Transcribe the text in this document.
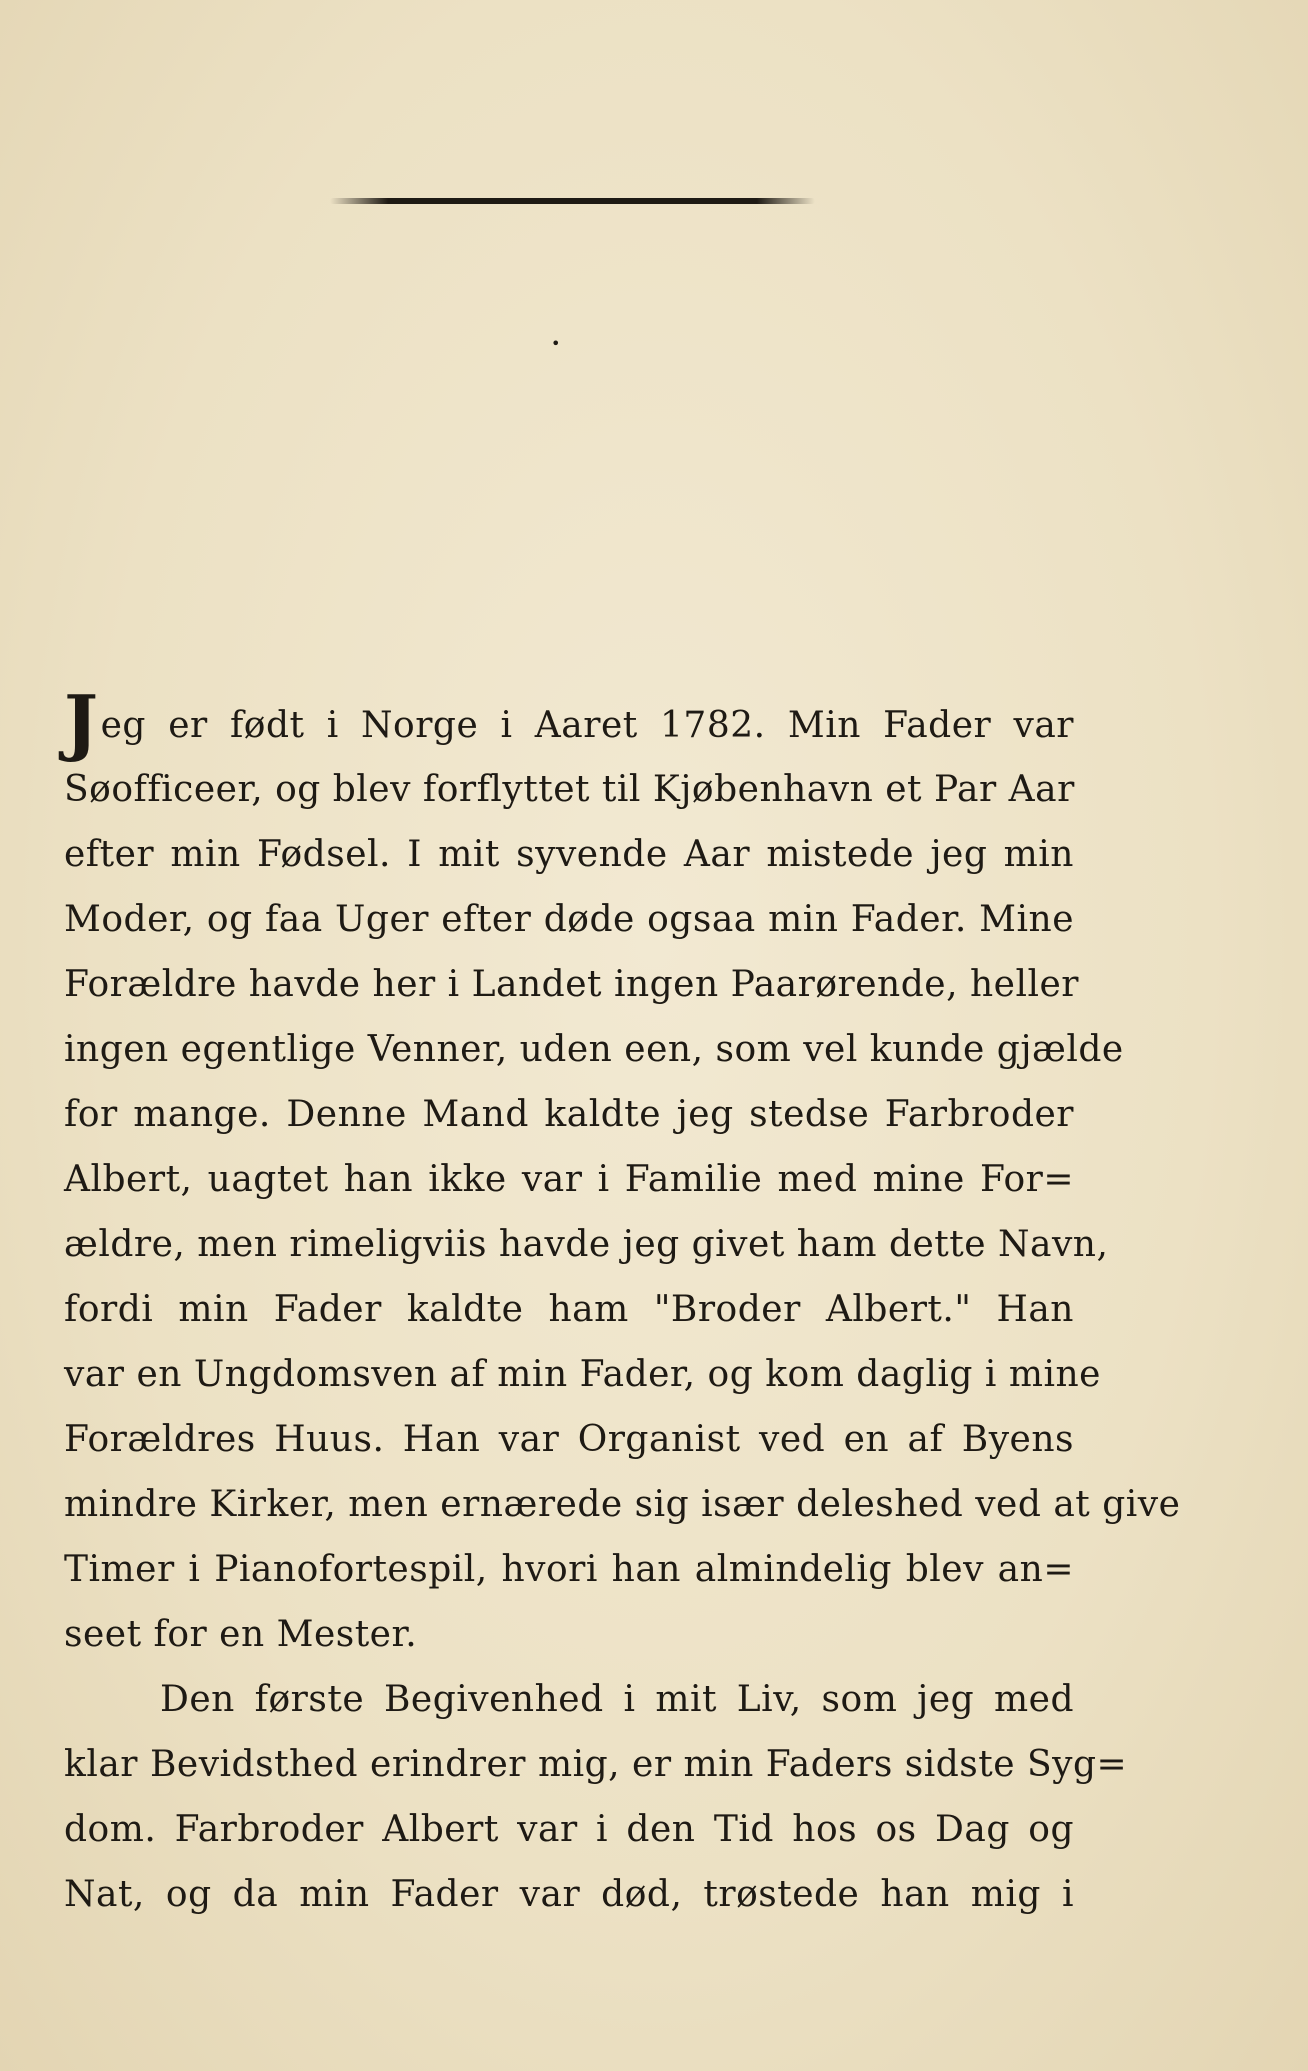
•
Jeg er født i Norge i Aaret 1782. Min Fader var
Søofficeer, og blev forflyttet til Kjøbenhavn et Par Aar
efter min Fødsel. I mit syvende Aar mistede jeg min
Moder, og faa Uger efter døde ogsaa min Fader. Mine
Forældre havde her i Landet ingen Paarørende, heller
ingen egentlige Venner, uden een, som vel kunde gjælde
for mange. Denne Mand kaldte jeg stedse Farbroder
Albert, uagtet han ikke var i Familie med mine For=
ældre, men rimeligviis havde jeg givet ham dette Navn,
fordi min Fader kaldte ham "Broder Albert." Han
var en Ungdomsven af min Fader, og kom daglig i mine
Forældres Huus. Han var Organist ved en af Byens
mindre Kirker, men ernærede sig især deleshed ved at give
Timer i Pianofortespil, hvori han almindelig blev an=
seet for en Mester.
Den første Begivenhed i mit Liv, som jeg med
klar Bevidsthed erindrer mig, er min Faders sidste Syg=
dom. Farbroder Albert var i den Tid hos os Dag og
Nat, og da min Fader var død, trøstede han mig i
